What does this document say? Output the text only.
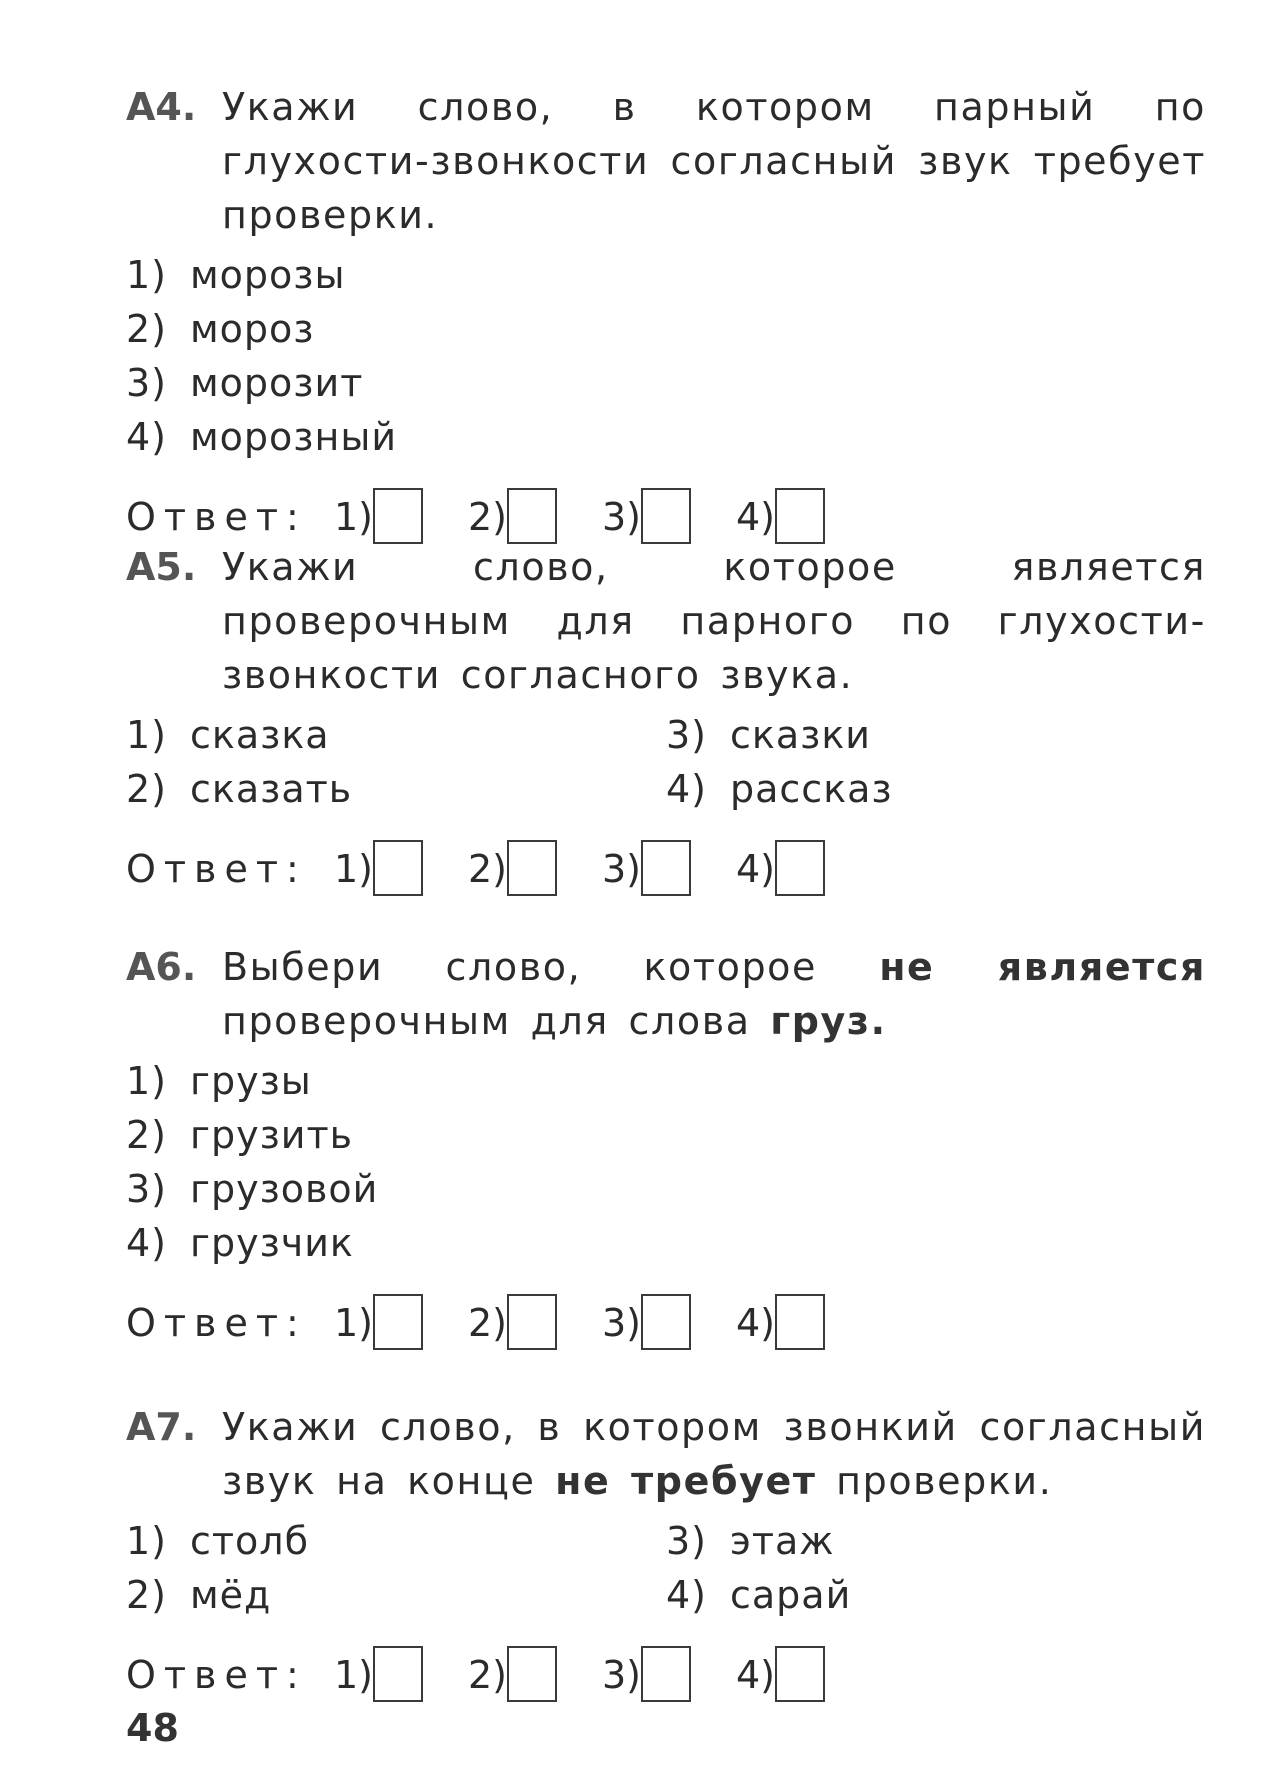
А4. Укажи слово, в котором парный по глухости-звонкости согласный звук требует проверки.
1) морозы
2) мороз
3) морозит
4) морозный
Ответ: 1)	2)	3)	4)
А5. Укажи слово, которое является проверочным для парного по глухости-звонкости согласного звука.
1) сказка
2) сказать
3) сказки
4) рассказ
Ответ: 1)	2)	3)	4)
А6. Выбери слово, которое не является проверочным для слова груз.
1) грузы
2) грузить
3) грузовой
4) грузчик
Ответ: 1)	2)	3)	4)
А7. Укажи слово, в котором звонкий согласный звук на конце не требует проверки.
1) столб
2) мёд
3) этаж
4) сарай
Ответ: 1)	2)	3)	4)
48
